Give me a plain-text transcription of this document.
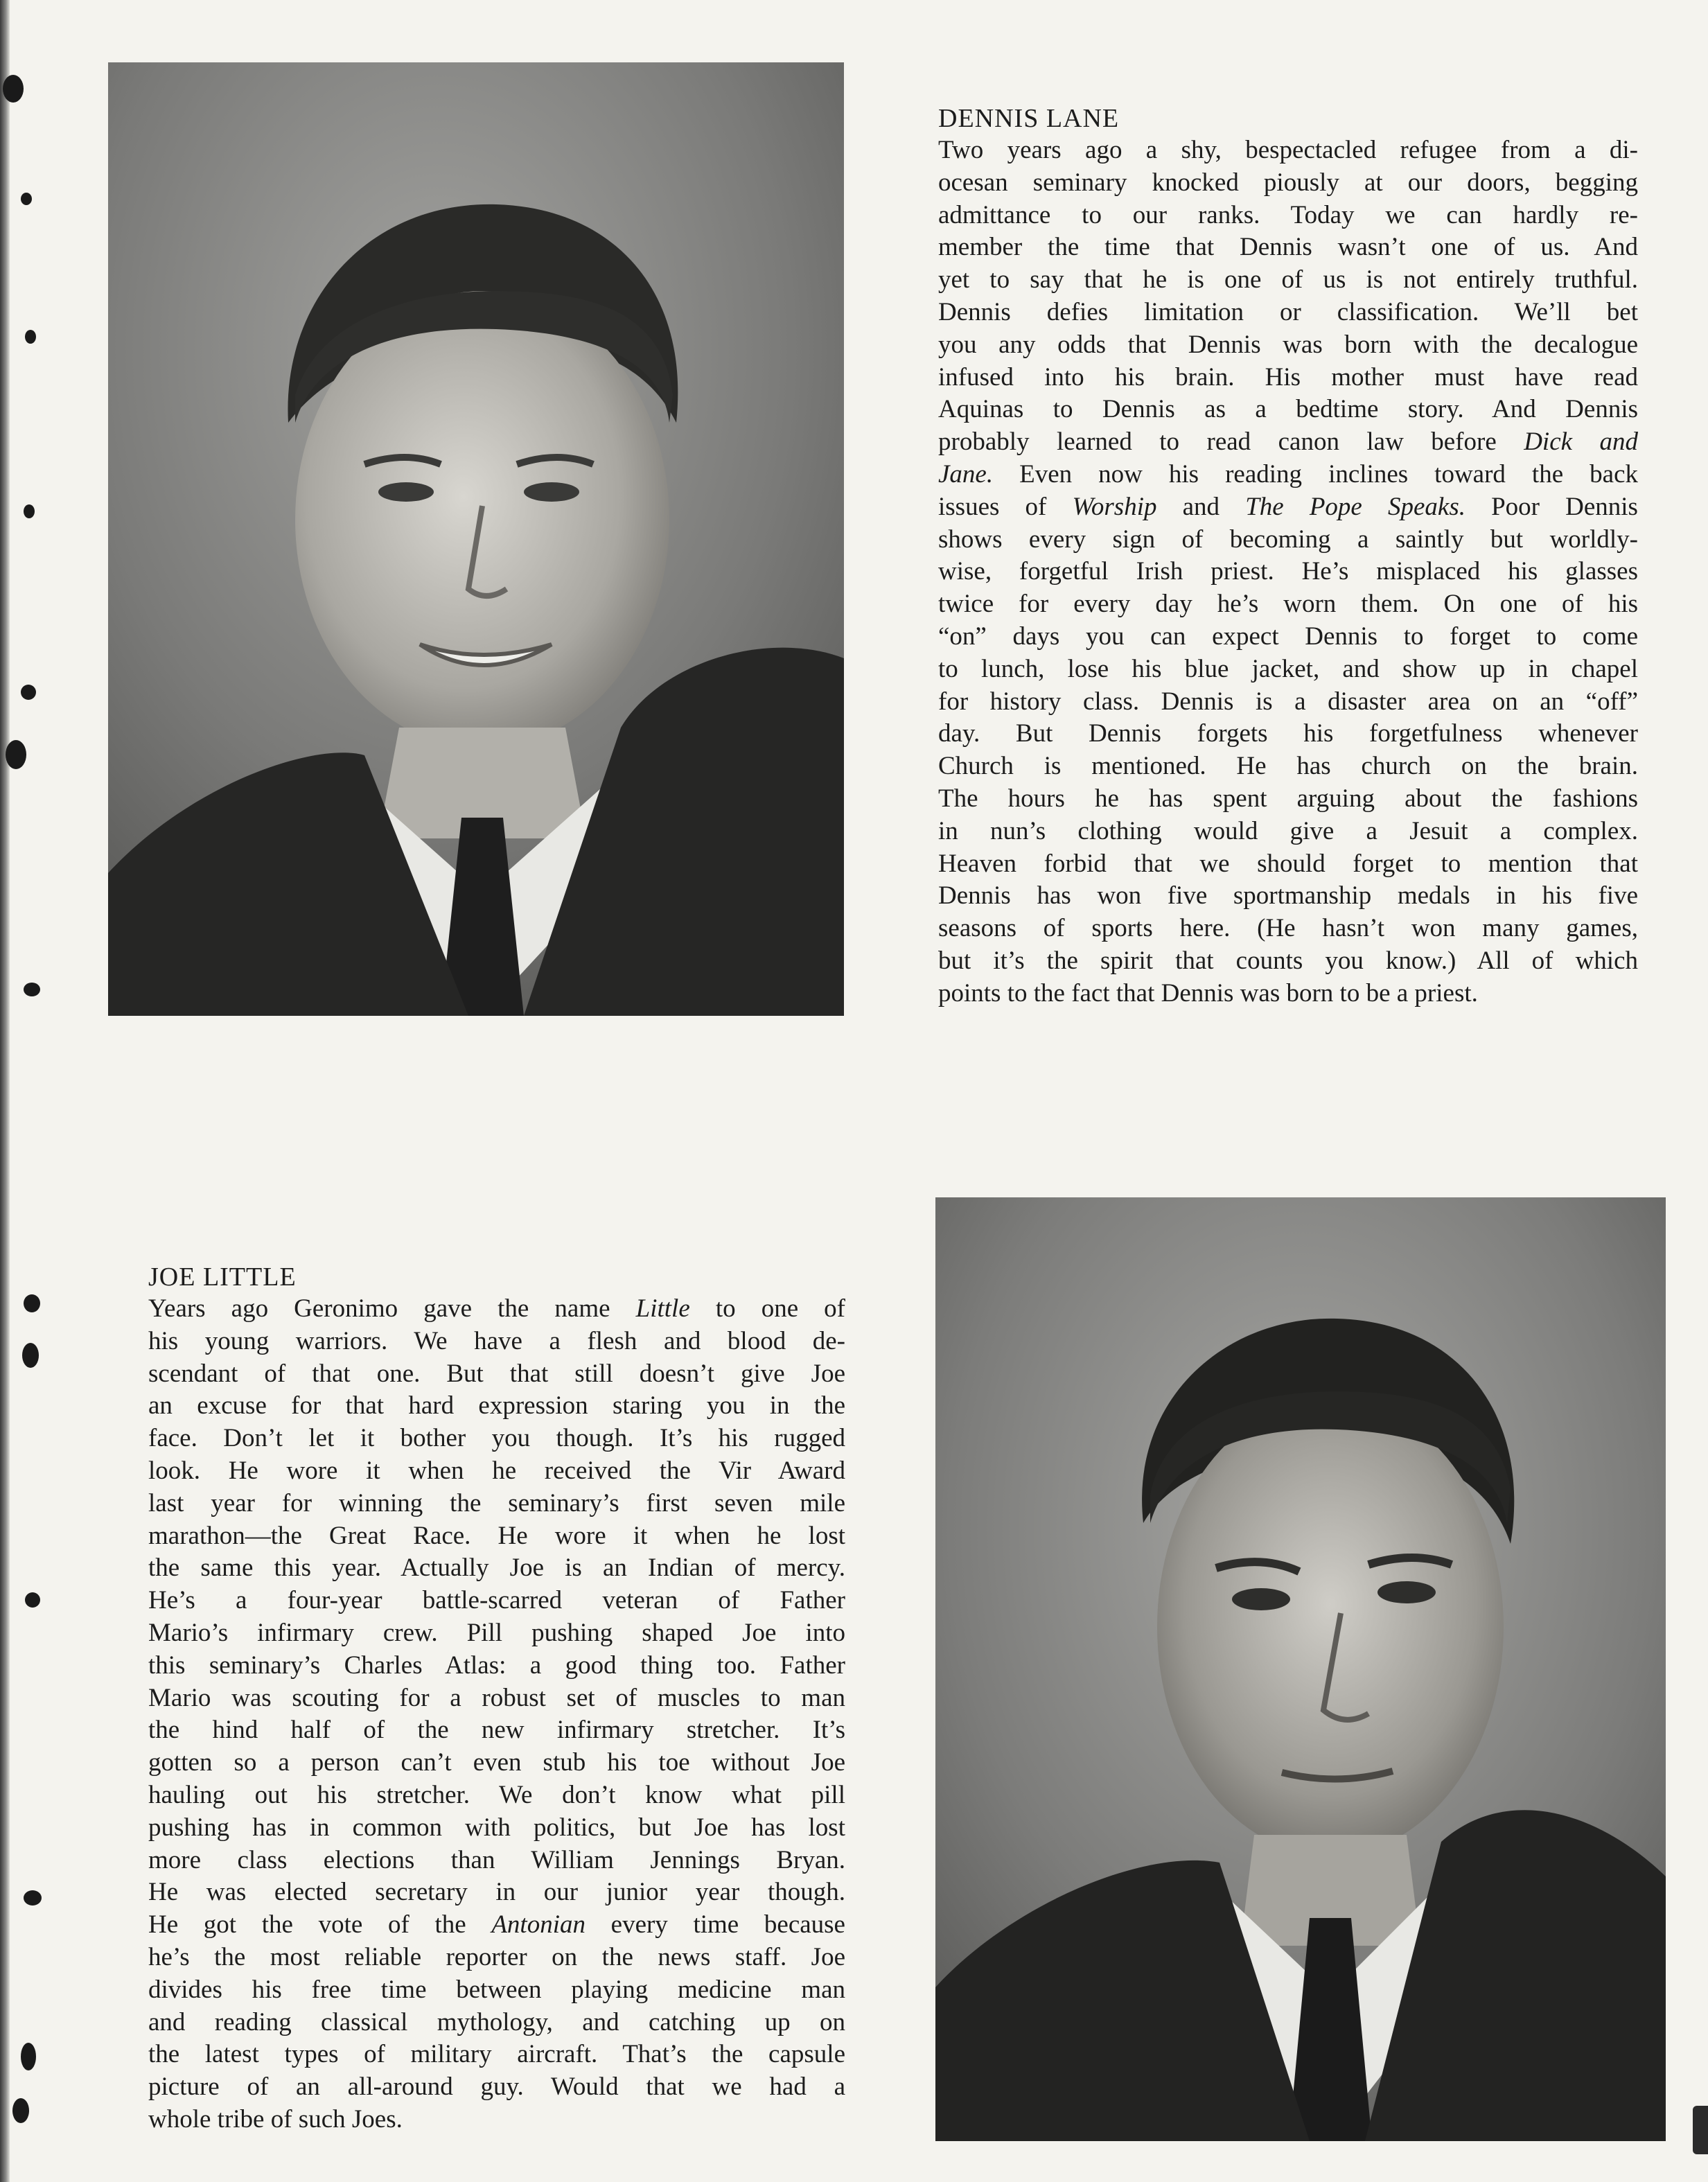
DENNIS LANE
Two years ago a shy, bespectacled refugee from a di-
ocesan seminary knocked piously at our doors, begging
admittance to our ranks. Today we can hardly re-
member the time that Dennis wasn’t one of us. And
yet to say that he is one of us is not entirely truthful.
Dennis defies limitation or classification. We’ll bet
you any odds that Dennis was born with the decalogue
infused into his brain. His mother must have read
Aquinas to Dennis as a bedtime story. And Dennis
probably learned to read canon law before Dick and
Jane. Even now his reading inclines toward the back
issues of Worship and The Pope Speaks. Poor Dennis
shows every sign of becoming a saintly but worldly-
wise, forgetful Irish priest. He’s misplaced his glasses
twice for every day he’s worn them. On one of his
“on” days you can expect Dennis to forget to come
to lunch, lose his blue jacket, and show up in chapel
for history class. Dennis is a disaster area on an “off”
day. But Dennis forgets his forgetfulness whenever
Church is mentioned. He has church on the brain.
The hours he has spent arguing about the fashions
in nun’s clothing would give a Jesuit a complex.
Heaven forbid that we should forget to mention that
Dennis has won five sportmanship medals in his five
seasons of sports here. (He hasn’t won many games,
but it’s the spirit that counts you know.) All of which
points to the fact that Dennis was born to be a priest.
JOE LITTLE
Years ago Geronimo gave the name Little to one of
his young warriors. We have a flesh and blood de-
scendant of that one. But that still doesn’t give Joe
an excuse for that hard expression staring you in the
face. Don’t let it bother you though. It’s his rugged
look. He wore it when he received the Vir Award
last year for winning the seminary’s first seven mile
marathon—the Great Race. He wore it when he lost
the same this year. Actually Joe is an Indian of mercy.
He’s a four-year battle-scarred veteran of Father
Mario’s infirmary crew. Pill pushing shaped Joe into
this seminary’s Charles Atlas: a good thing too. Father
Mario was scouting for a robust set of muscles to man
the hind half of the new infirmary stretcher. It’s
gotten so a person can’t even stub his toe without Joe
hauling out his stretcher. We don’t know what pill
pushing has in common with politics, but Joe has lost
more class elections than William Jennings Bryan.
He was elected secretary in our junior year though.
He got the vote of the Antonian every time because
he’s the most reliable reporter on the news staff. Joe
divides his free time between playing medicine man
and reading classical mythology, and catching up on
the latest types of military aircraft. That’s the capsule
picture of an all-around guy. Would that we had a
whole tribe of such Joes.
